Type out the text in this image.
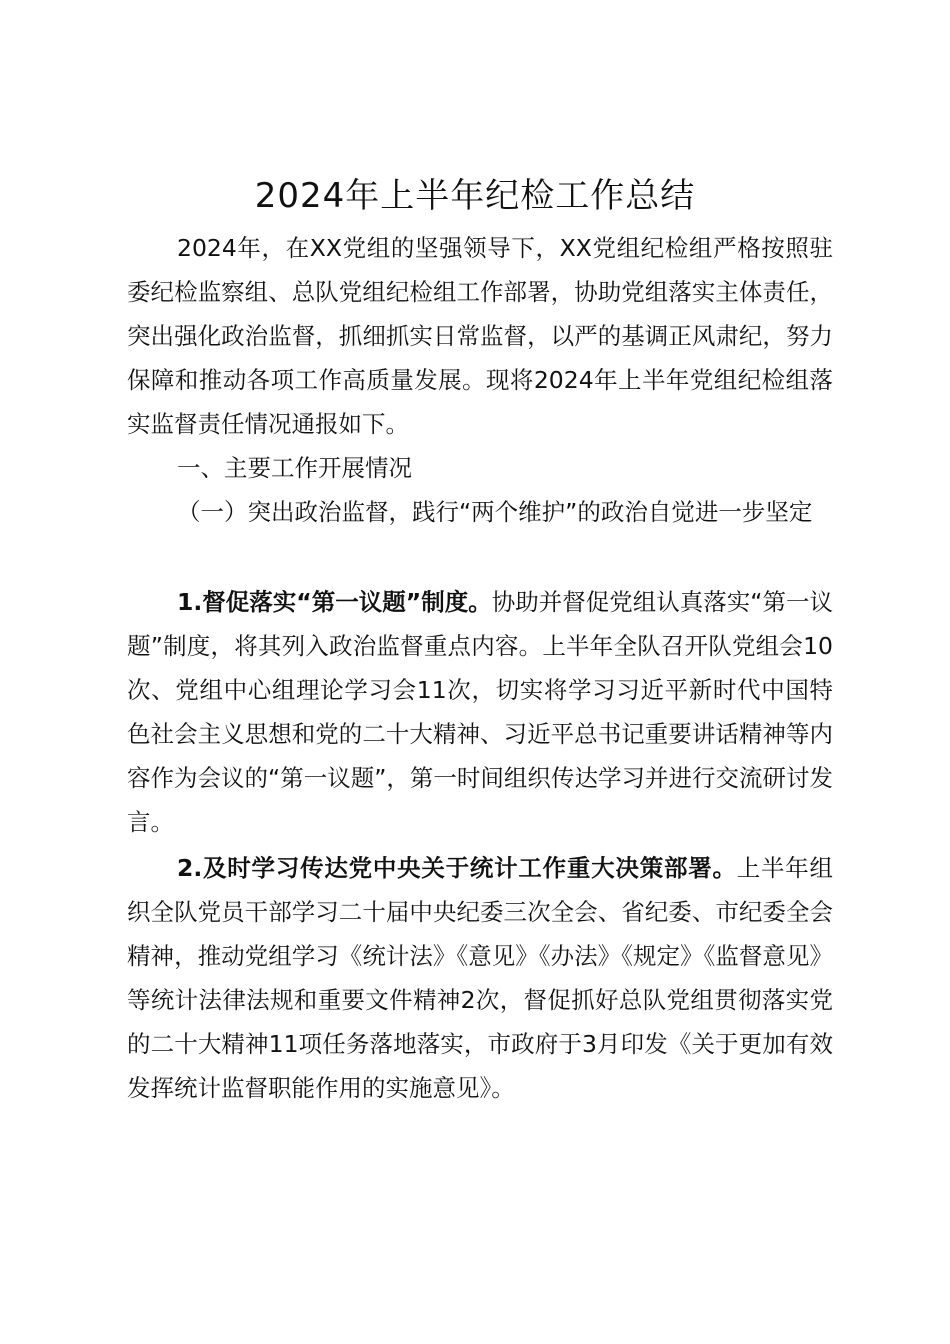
2024年上半年纪检工作总结

2024年，在XX党组的坚强领导下，XX党组纪检组严格按照驻委纪检监察组、总队党组纪检组工作部署，协助党组落实主体责任，突出强化政治监督，抓细抓实日常监督，以严的基调正风肃纪，努力保障和推动各项工作高质量发展。现将2024年上半年党组纪检组落实监督责任情况通报如下。

一、主要工作开展情况

（一）突出政治监督，践行“两个维护”的政治自觉进一步坚定

1.督促落实“第一议题”制度。协助并督促党组认真落实“第一议题”制度，将其列入政治监督重点内容。上半年全队召开队党组会10次、党组中心组理论学习会11次，切实将学习习近平新时代中国特色社会主义思想和党的二十大精神、习近平总书记重要讲话精神等内容作为会议的“第一议题”，第一时间组织传达学习并进行交流研讨发言。

2.及时学习传达党中央关于统计工作重大决策部署。上半年组织全队党员干部学习二十届中央纪委三次全会、省纪委、市纪委全会精神，推动党组学习《统计法》《意见》《办法》《规定》《监督意见》等统计法律法规和重要文件精神2次，督促抓好总队党组贯彻落实党的二十大精神11项任务落地落实，市政府于3月印发《关于更加有效发挥统计监督职能作用的实施意见》。
